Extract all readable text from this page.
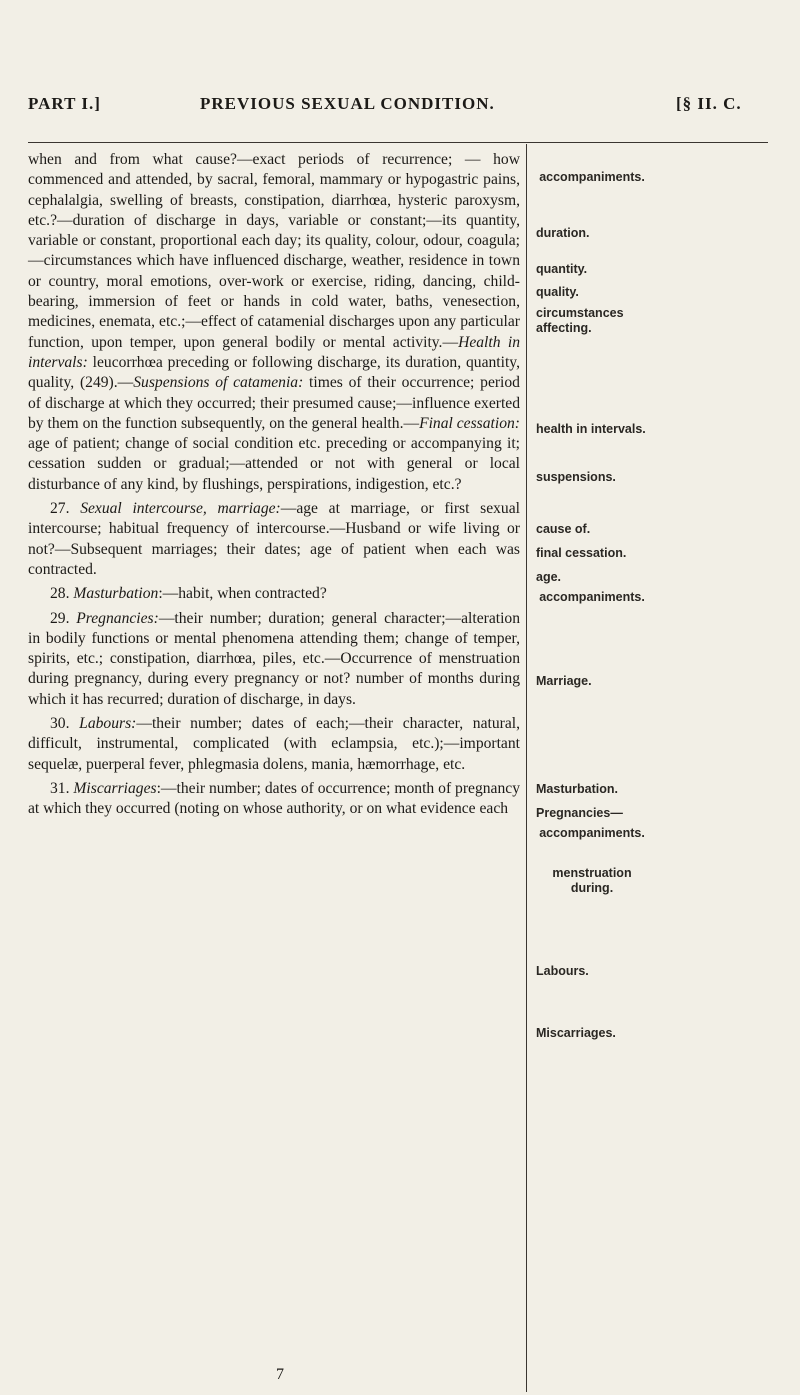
PART I.]	PREVIOUS SEXUAL CONDITION.	[§ II. C.

when and from what cause?—exact periods of recurrence; — how commenced and attended, by sacral, femoral, mammary or hypogastric pains, cephalalgia, swelling of breasts, constipation, diarrhœa, hysteric paroxysm, etc.?—duration of discharge in days, variable or constant;—its quantity, variable or constant, proportional each day; its quality, colour, odour, coagula;—circumstances which have influenced discharge, weather, residence in town or country, moral emotions, over-work or exercise, riding, dancing, child-bearing, immersion of feet or hands in cold water, baths, venesection, medicines, enemata, etc.;—effect of catamenial discharges upon any particular function, upon temper, upon general bodily or mental activity.—Health in intervals: leucorrhœa preceding or following discharge, its duration, quantity, quality, (249).—Suspensions of catamenia: times of their occurrence; period of discharge at which they occurred; their presumed cause;—influence exerted by them on the function subsequently, on the general health.—Final cessation: age of patient; change of social condition etc. preceding or accompanying it; cessation sudden or gradual;—attended or not with general or local disturbance of any kind, by flushings, perspirations, indigestion, etc.?

27. Sexual intercourse, marriage:—age at marriage, or first sexual intercourse; habitual frequency of intercourse.—Husband or wife living or not?—Subsequent marriages; their dates; age of patient when each was contracted.

28. Masturbation:—habit, when contracted?

29. Pregnancies:—their number; duration; general character;—alteration in bodily functions or mental phenomena attending them; change of temper, spirits, etc.; constipation, diarrhœa, piles, etc.—Occurrence of menstruation during pregnancy, during every pregnancy or not? number of months during which it has recurred; duration of discharge, in days.

30. Labours:—their number; dates of each;—their character, natural, difficult, instrumental, complicated (with eclampsia, etc.);—important sequelæ, puerperal fever, phlegmasia dolens, mania, hæmorrhage, etc.

31. Miscarriages:—their number; dates of occurrence; month of pregnancy at which they occurred (noting on whose authority, or on what evidence each

accompaniments.
duration.
quantity.
quality.
circumstances affecting.
health in intervals.
suspensions.
cause of.
final cessation.
age.
accompaniments.
Marriage.
Masturbation.
Pregnancies—
accompaniments.
menstruation during.
Labours.
Miscarriages.
7
